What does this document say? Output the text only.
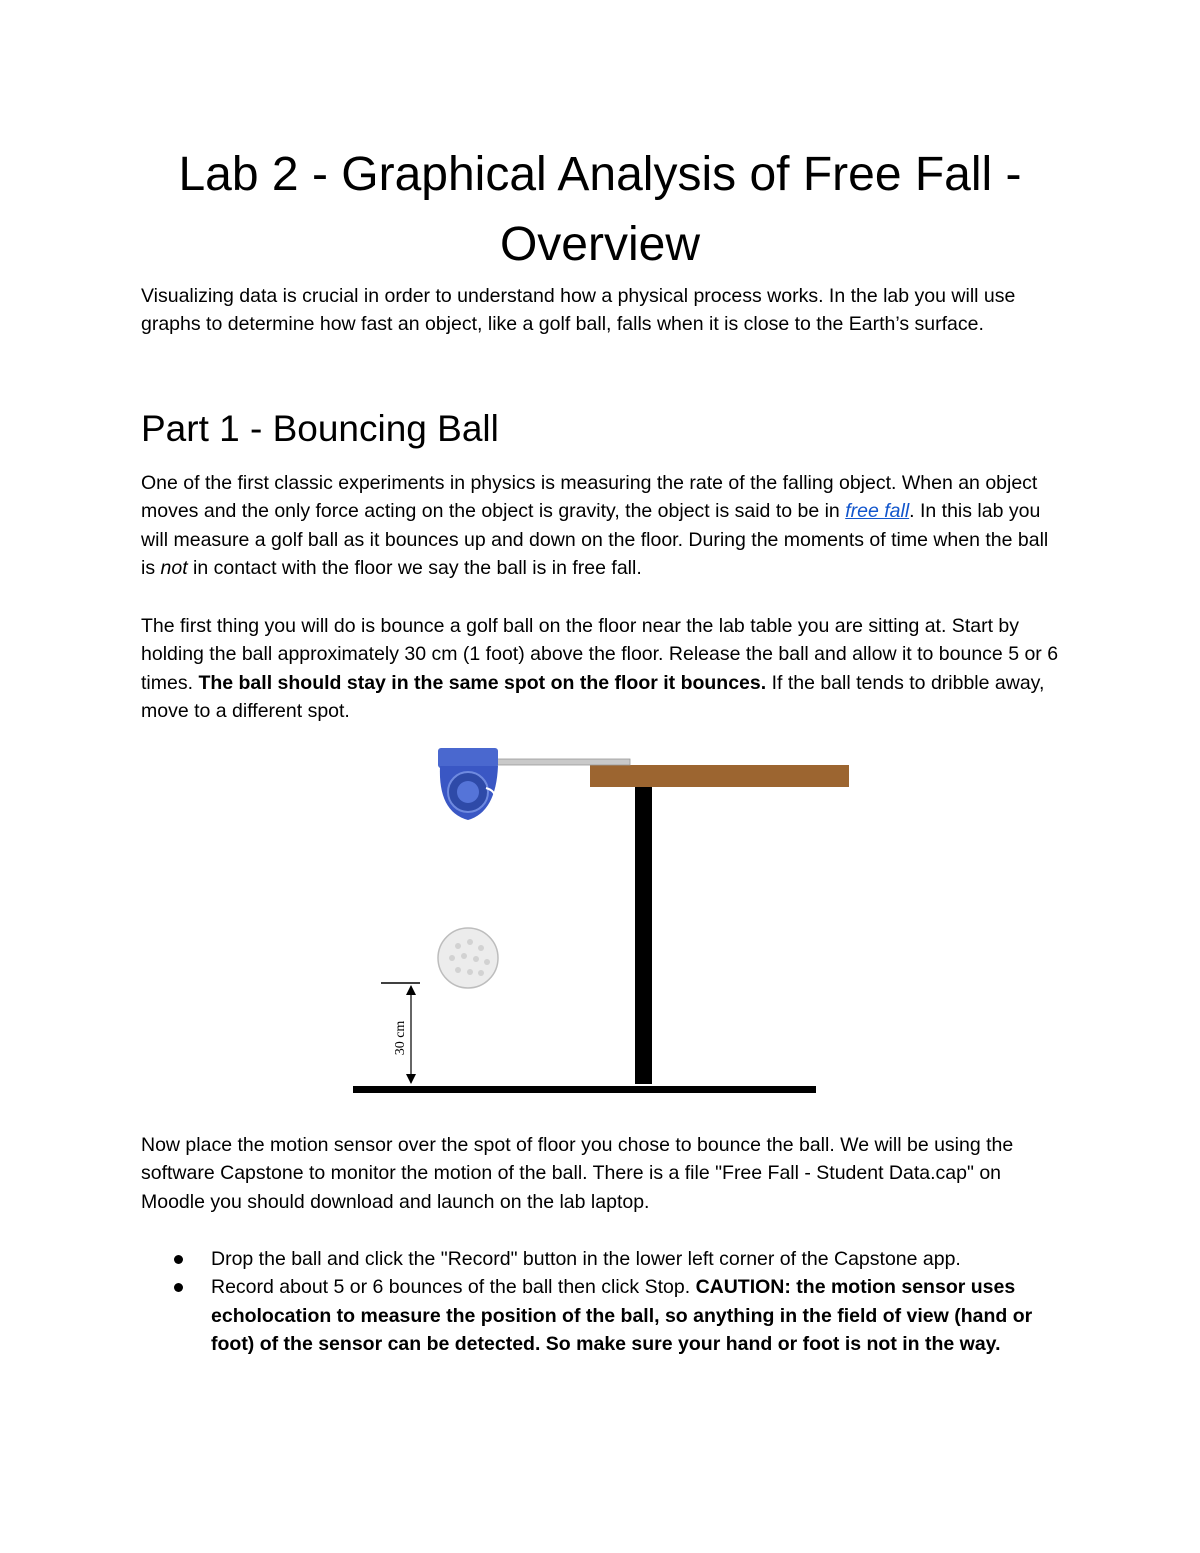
Lab 2 - Graphical Analysis of Free Fall - Overview

Visualizing data is crucial in order to understand how a physical process works. In the lab you will use graphs to determine how fast an object, like a golf ball, falls when it is close to the Earth’s surface.

Part 1 - Bouncing Ball

One of the first classic experiments in physics is measuring the rate of the falling object. When an object moves and the only force acting on the object is gravity, the object is said to be in free fall. In this lab you will measure a golf ball as it bounces up and down on the floor. During the moments of time when the ball is not in contact with the floor we say the ball is in free fall.

The first thing you will do is bounce a golf ball on the floor near the lab table you are sitting at. Start by holding the ball approximately 30 cm (1 foot) above the floor. Release the ball and allow it to bounce 5 or 6 times. The ball should stay in the same spot on the floor it bounces. If the ball tends to dribble away, move to a different spot.

30 cm

Now place the motion sensor over the spot of floor you chose to bounce the ball. We will be using the software Capstone to monitor the motion of the ball. There is a file "Free Fall - Student Data.cap" on Moodle you should download and launch on the lab laptop.

Drop the ball and click the "Record" button in the lower left corner of the Capstone app.
Record about 5 or 6 bounces of the ball then click Stop. CAUTION: the motion sensor uses echolocation to measure the position of the ball, so anything in the field of view (hand or foot) of the sensor can be detected. So make sure your hand or foot is not in the way.
